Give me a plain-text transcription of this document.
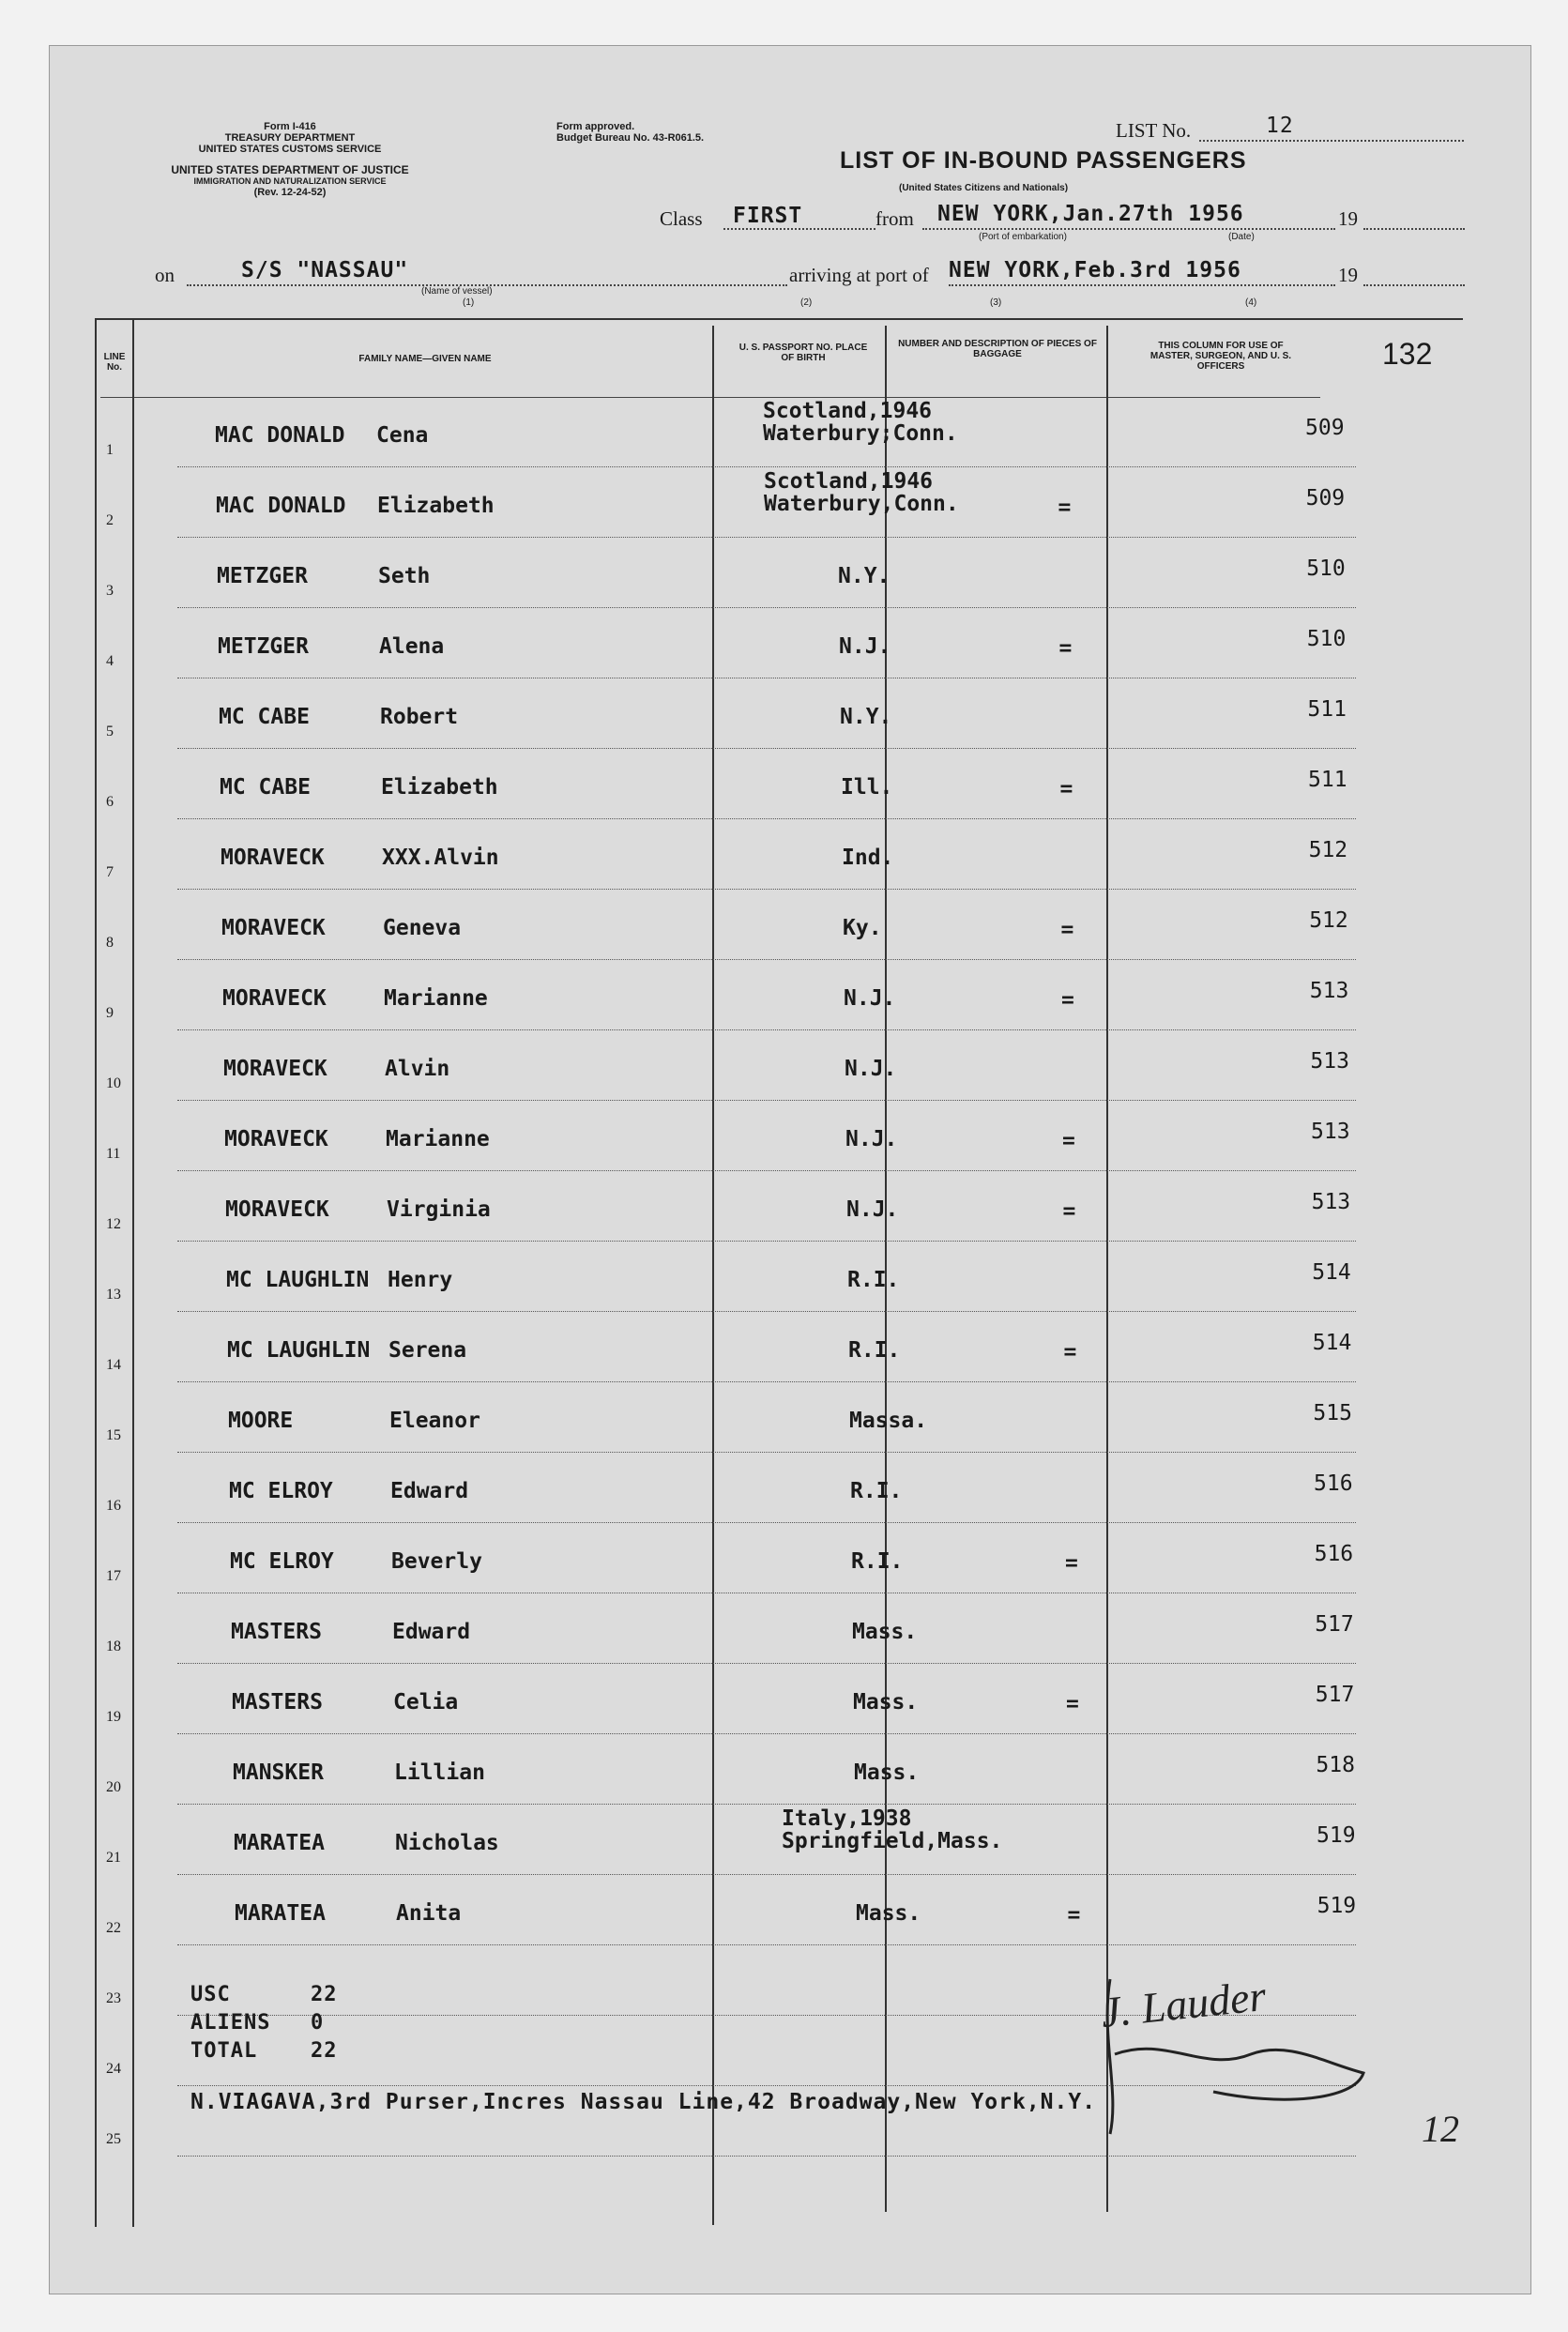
Form I-416
TREASURY DEPARTMENT
UNITED STATES CUSTOMS SERVICE
UNITED STATES DEPARTMENT OF JUSTICE
IMMIGRATION AND NATURALIZATION SERVICE
(Rev. 12-24-52)
Form approved.
Budget Bureau No. 43-R061.5.	LIST No.	12
LIST OF IN-BOUND PASSENGERS
(United States Citizens and Nationals)
Class FIRST	from NEW YORK,Jan.27th 1956	19
(Port of embarkation)	(Date)
on	S/S "NASSAU"
(Name of vessel)
(1)
arriving at port of NEW YORK,Feb.3rd 1956	19
(2)	(3)	(4)
132
LINE No.
FAMILY NAME—GIVEN NAME
U. S. PASSPORT NO. PLACE OF BIRTH
NUMBER AND DESCRIPTION OF PIECES OF BAGGAGE
THIS COLUMN FOR USE OF MASTER, SURGEON, AND U. S. OFFICERS
1
MAC DONALD Cena
Scotland,1946
Waterbury;Conn.	509
2
MAC DONALD Elizabeth
Scotland,1946
Waterbury,Conn.	=	509
3
METZGER	Seth	N.Y.	510
4
METZGER	Alena	N.J.	=	510
5
MC CABE	Robert	N.Y.	511
6
MC CABE	Elizabeth	Ill.	=	511
7
MORAVECK	XXX.Alvin	Ind.	512
8
MORAVECK	Geneva	Ky.	=	512
9
MORAVECK	Marianne	N.J.	=	513
10
MORAVECK	Alvin	N.J.	513
11
MORAVECK	Marianne	N.J.	=	513
12
MORAVECK	Virginia	N.J.	=	513
13
MC LAUGHLIN Henry	R.I.	514
14
MC LAUGHLIN Serena	R.I.	=	514
15
MOORE	Eleanor	Massa.	515
16
MC ELROY	Edward	R.I.	516
17
MC ELROY	Beverly	R.I.	=	516
18
MASTERS	Edward	Mass.	517
19
MASTERS	Celia	Mass.	=	517
20
MANSKER	Lillian	Mass.	518
21
MARATEA	Nicholas
Italy,1938
Springfield,Mass.	519
22
MARATEA	Anita	Mass.	=	519
23
24
25
USC	22
ALIENS 0
TOTAL	22
N.VIAGAVA,3rd Purser,Incres Nassau Line,42 Broadway,New York,N.Y.
J. Lauder
12
